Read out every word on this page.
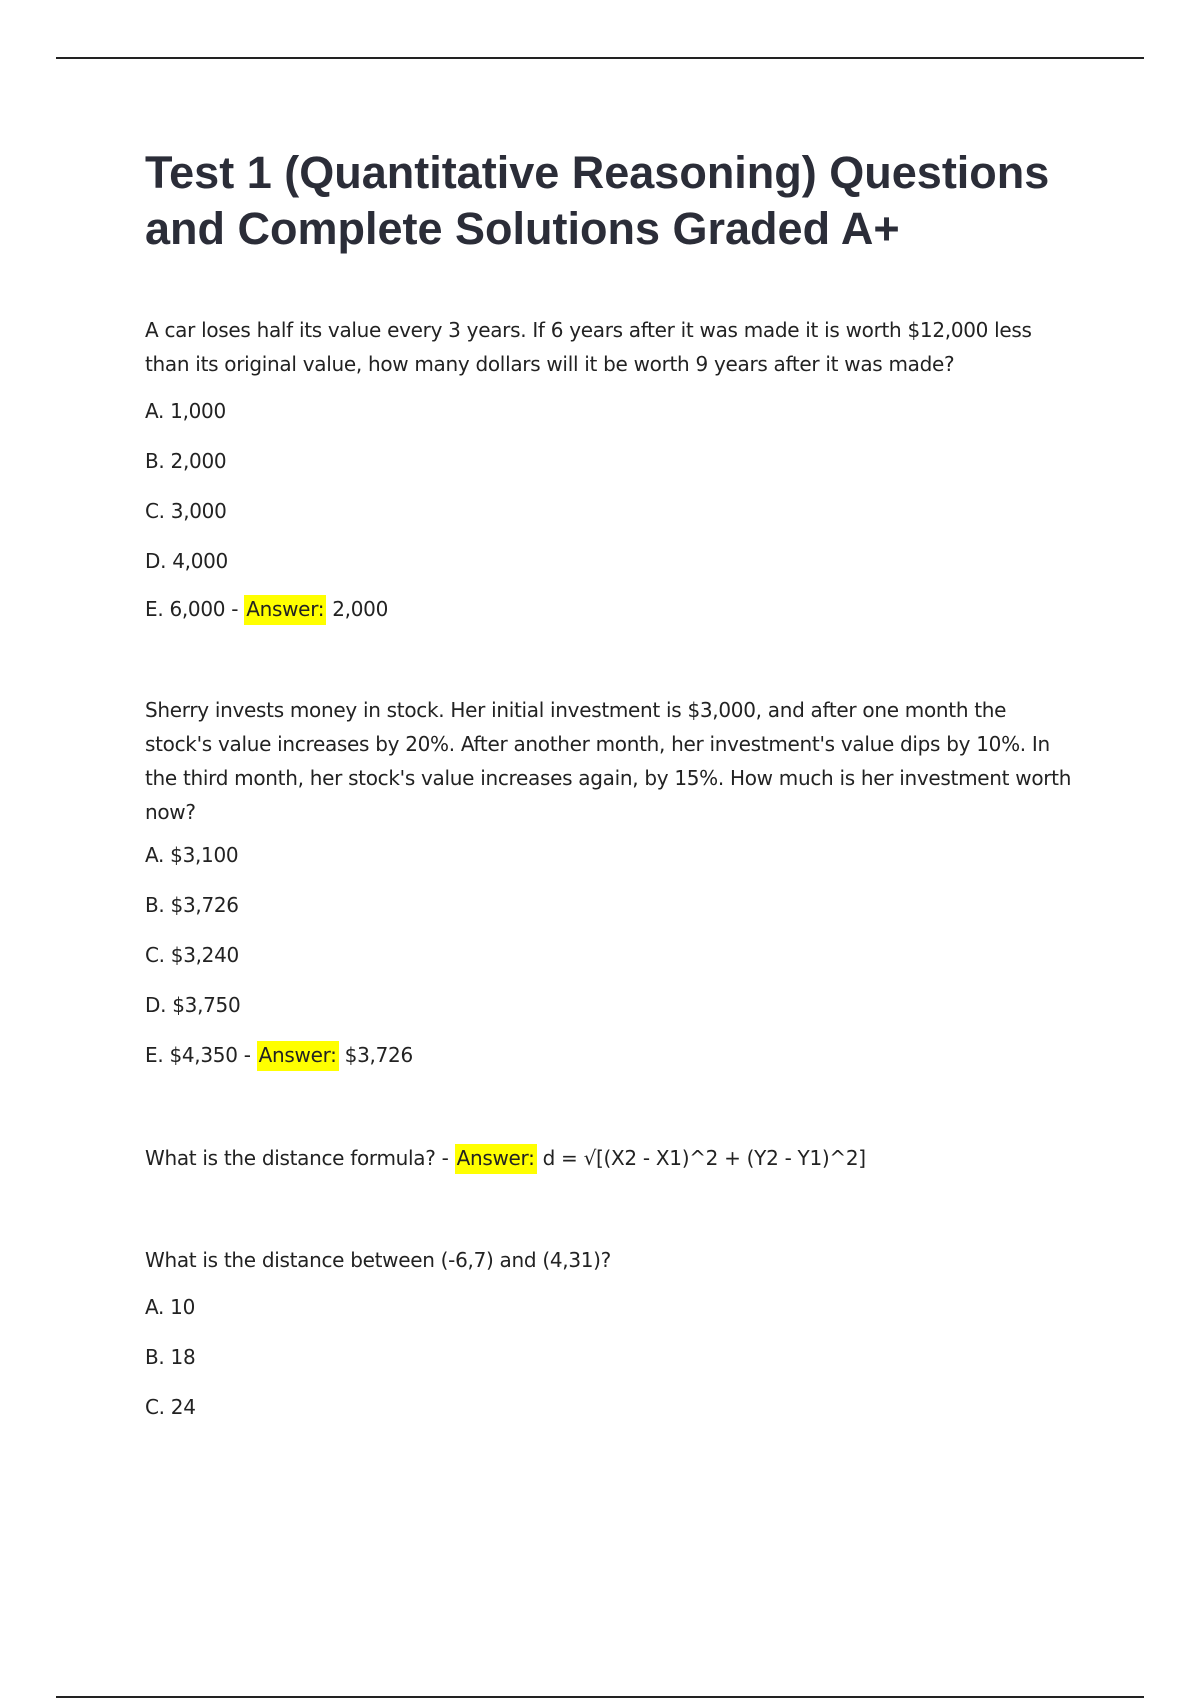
Test 1 (Quantitative Reasoning) Questions and Complete Solutions Graded A+

A car loses half its value every 3 years. If 6 years after it was made it is worth $12,000 less than its original value, how many dollars will it be worth 9 years after it was made?

A. 1,000

B. 2,000

C. 3,000

D. 4,000

E. 6,000 - Answer: 2,000

Sherry invests money in stock. Her initial investment is $3,000, and after one month the stock's value increases by 20%. After another month, her investment's value dips by 10%. In the third month, her stock's value increases again, by 15%. How much is her investment worth now?

A. $3,100

B. $3,726

C. $3,240

D. $3,750

E. $4,350 - Answer: $3,726

What is the distance formula? - Answer: d = √[(X2 - X1)^2 + (Y2 - Y1)^2]

What is the distance between (-6,7) and (4,31)?

A. 10

B. 18

C. 24
